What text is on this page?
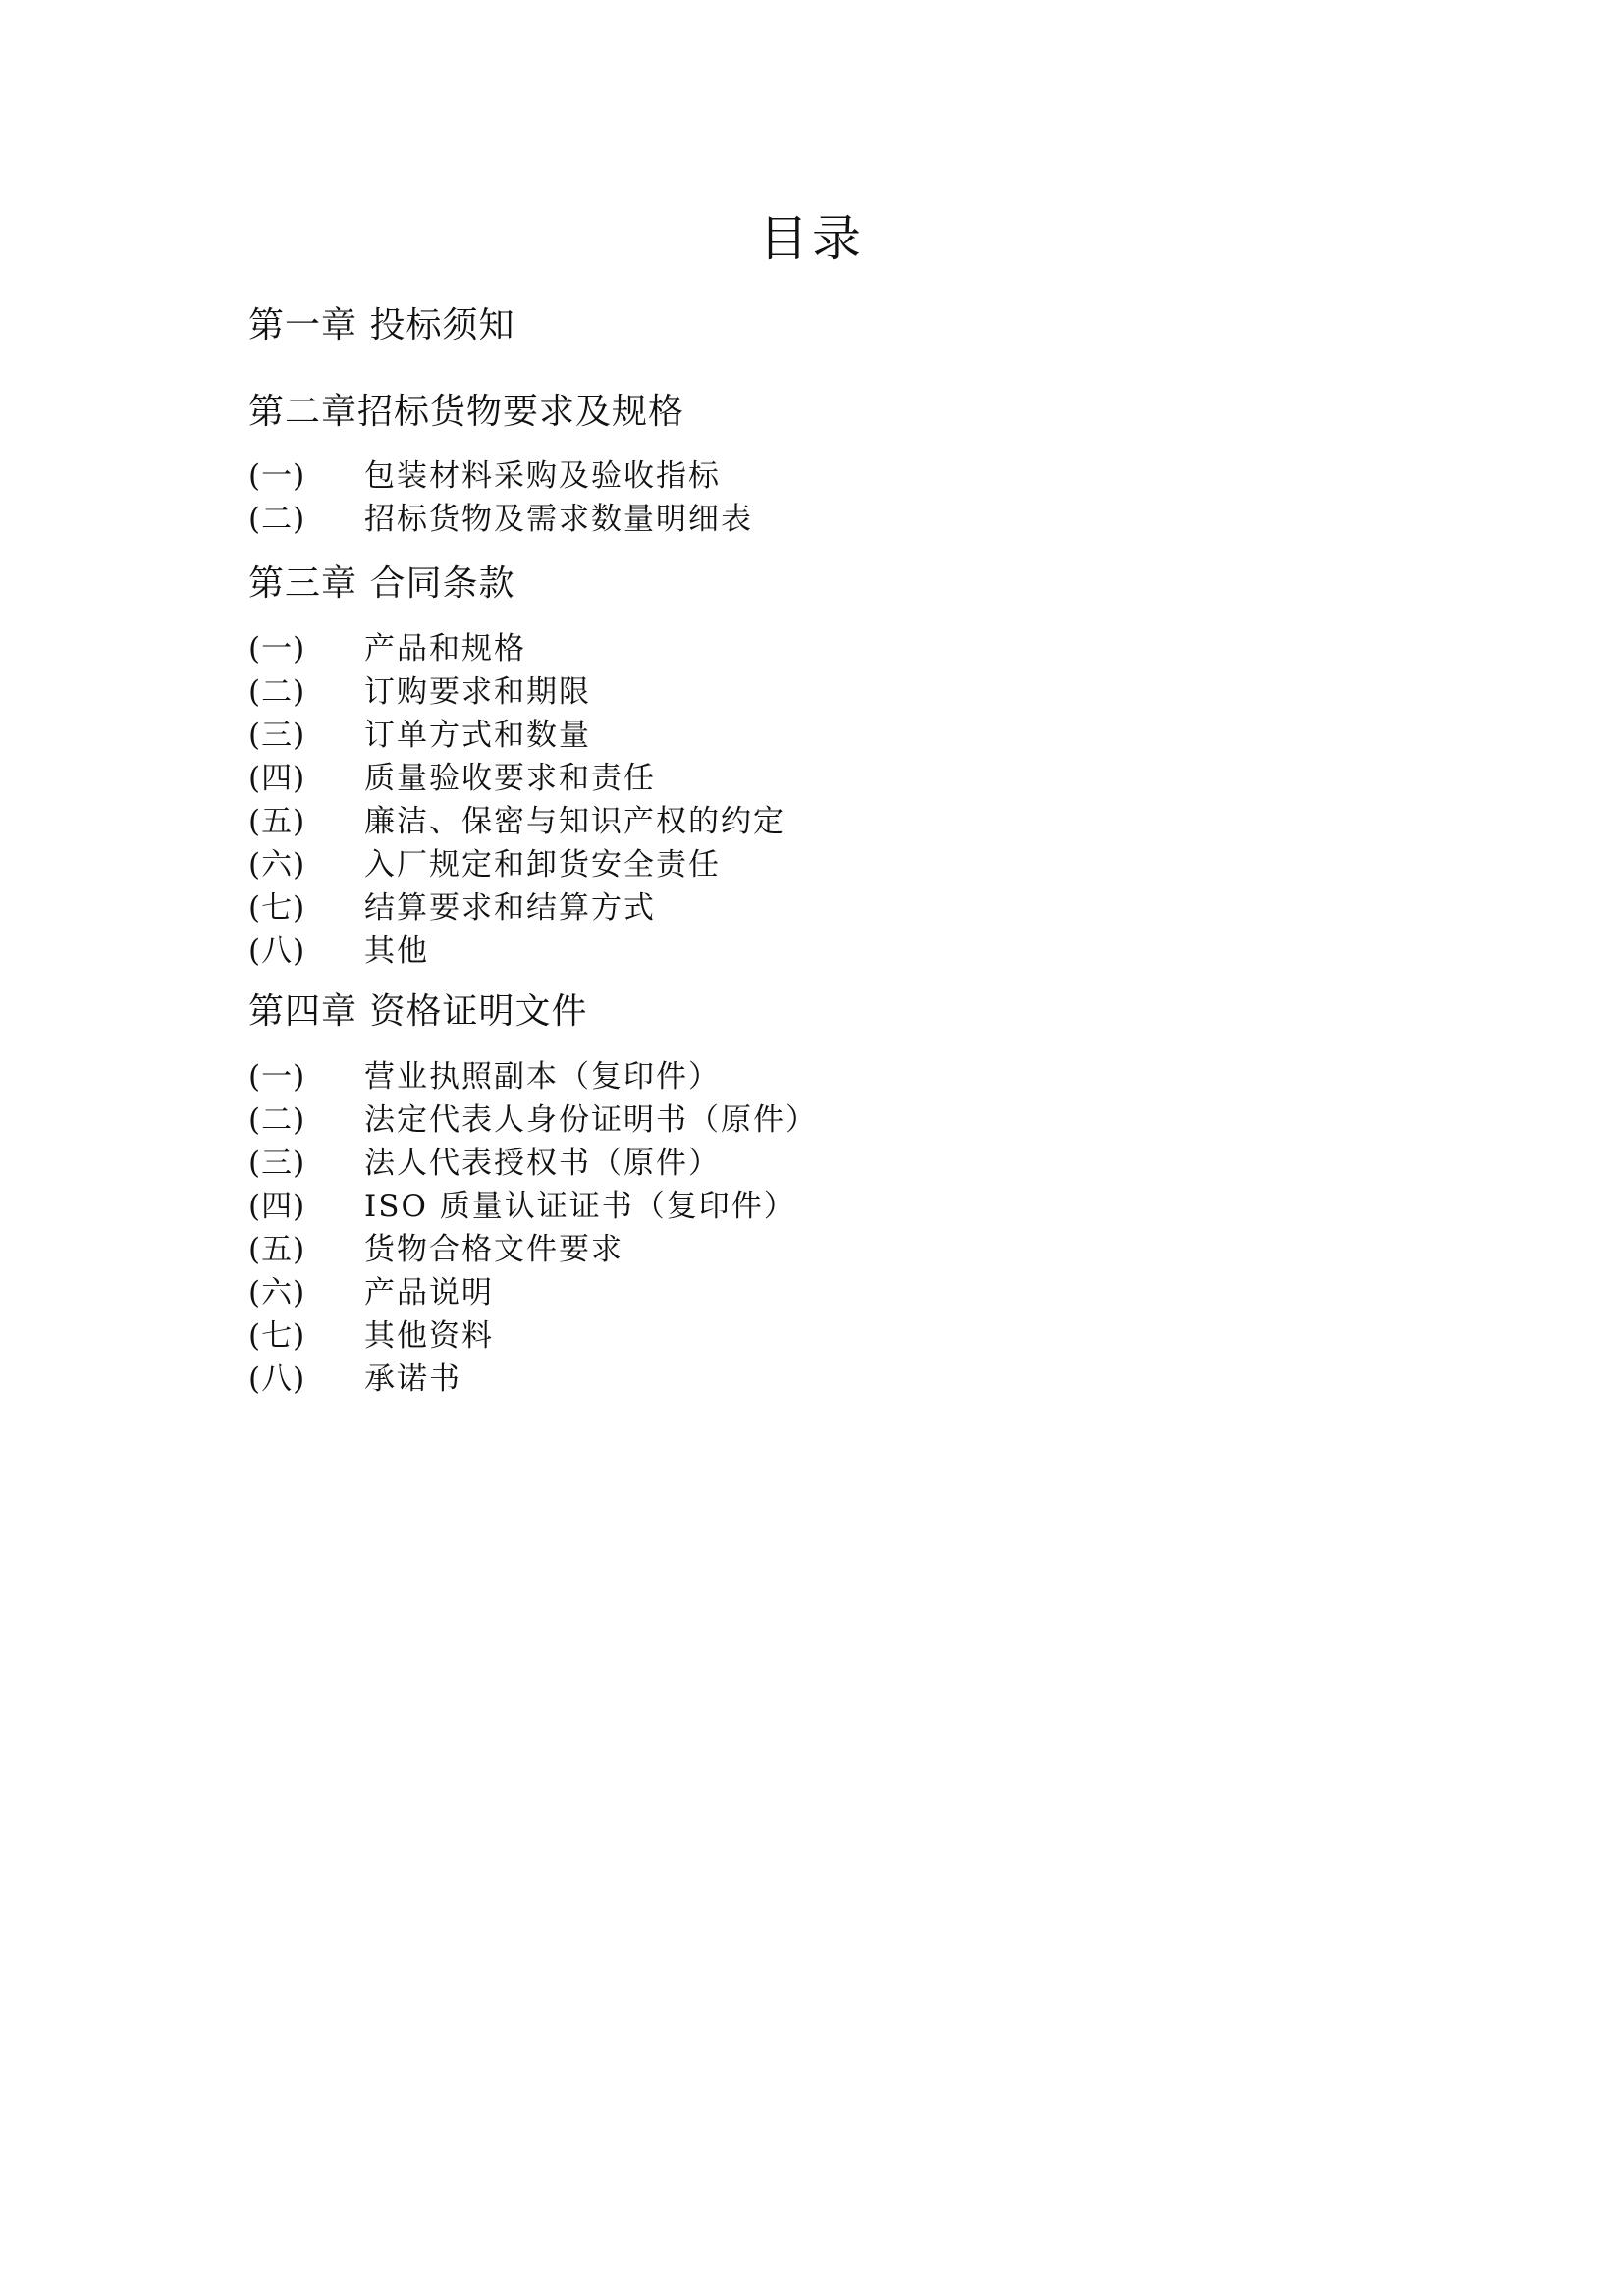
目录
第一章 投标须知
第二章招标货物要求及规格
(一) 包装材料采购及验收指标
(二) 招标货物及需求数量明细表
第三章 合同条款
(一) 产品和规格
(二) 订购要求和期限
(三) 订单方式和数量
(四) 质量验收要求和责任
(五) 廉洁、保密与知识产权的约定
(六) 入厂规定和卸货安全责任
(七) 结算要求和结算方式
(八) 其他
第四章 资格证明文件
(一) 营业执照副本（复印件）
(二) 法定代表人身份证明书（原件）
(三) 法人代表授权书（原件）
(四) ISO 质量认证证书（复印件）
(五) 货物合格文件要求
(六) 产品说明
(七) 其他资料
(八) 承诺书
